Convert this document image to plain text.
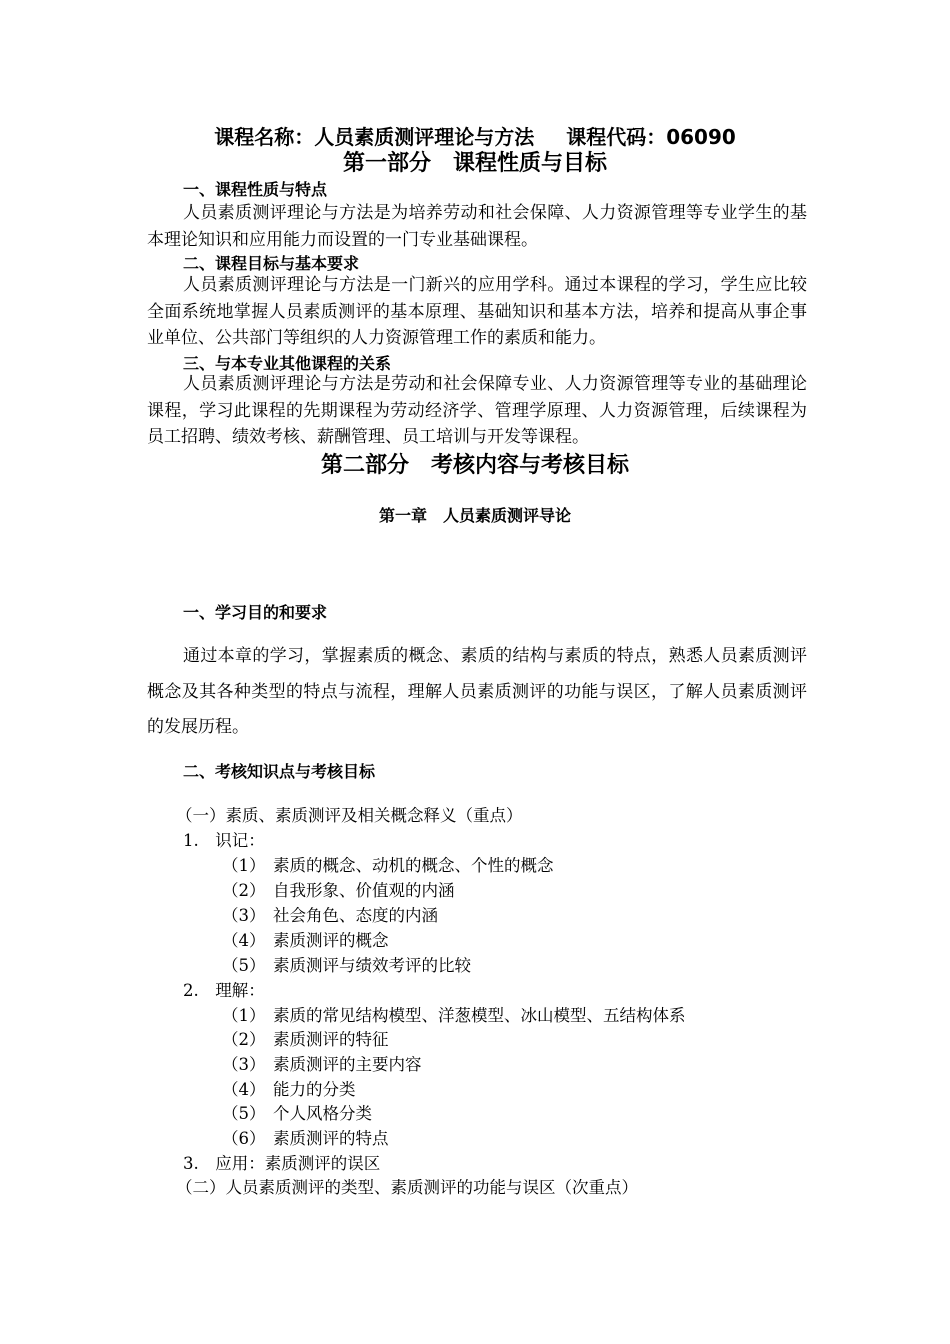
课程名称：人员素质测评理论与方法 课程代码：06090
第一部分　课程性质与目标
一、课程性质与特点
人员素质测评理论与方法是为培养劳动和社会保障、人力资源管理等专业学生的基本理论知识和应用能力而设置的一门专业基础课程。
二、课程目标与基本要求
人员素质测评理论与方法是一门新兴的应用学科。通过本课程的学习，学生应比较全面系统地掌握人员素质测评的基本原理、基础知识和基本方法，培养和提高从事企事业单位、公共部门等组织的人力资源管理工作的素质和能力。
三、与本专业其他课程的关系
人员素质测评理论与方法是劳动和社会保障专业、人力资源管理等专业的基础理论课程，学习此课程的先期课程为劳动经济学、管理学原理、人力资源管理，后续课程为员工招聘、绩效考核、薪酬管理、员工培训与开发等课程。
第二部分　考核内容与考核目标
第一章　人员素质测评导论
一、学习目的和要求
通过本章的学习，掌握素质的概念、素质的结构与素质的特点，熟悉人员素质测评概念及其各种类型的特点与流程，理解人员素质测评的功能与误区，了解人员素质测评的发展历程。
二、考核知识点与考核目标
（一）素质、素质测评及相关概念释义（重点）
1.　识记：
（1） 素质的概念、动机的概念、个性的概念
（2） 自我形象、价值观的内涵
（3） 社会角色、态度的内涵
（4） 素质测评的概念
（5） 素质测评与绩效考评的比较
2.　理解：
（1） 素质的常见结构模型、洋葱模型、冰山模型、五结构体系
（2） 素质测评的特征
（3） 素质测评的主要内容
（4） 能力的分类
（5） 个人风格分类
（6） 素质测评的特点
3.　应用：素质测评的误区
（二）人员素质测评的类型、素质测评的功能与误区（次重点）
